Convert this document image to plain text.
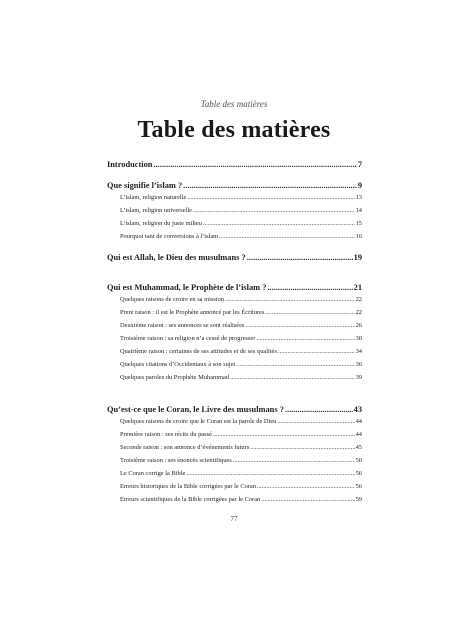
Table des matières
Table des matières
Introduction .....	7
Que signifie l’islam ? .....	9
L’islam, religion naturelle .....	13
L’islam, religion universelle .....	14
L’islam, religion du juste milieu .....	15
Pourquoi tant de conversions à l’islam .....	16
Qui est Allah, le Dieu des musulmans ? .....	19
Qui est Muhammad, le Prophète de l’islam ? .....	21
Quelques raisons de croire en sa mission .....	22
Prere raison : il est le Prophète annoncé par les Écritures .....	22
Deuxième raison : ses annonces se sont réalisées .....	26
Troisième raison : sa religion n’a cessé de progresser .....	30
Quatrième raison : certaines de ses attitudes et de ses qualités .....	34
Quelques citations d’Occidentaux à son sujet .....	36
Quelques paroles du Prophète Muhammad .....	39
Qu’est-ce que le Coran, le Livre des musulmans ? .....	43
Quelques raisons de croire que le Coran est la parole de Dieu .....	44
Première raison : ses récits du passé .....	44
Seconde raison : son annonce d’événements futurs .....	45
Troisième raison : ses énoncés scientifiques .....	50
Le Coran corrige la Bible .....	56
Erreurs historiques de la Bible corrigées par le Coran .....	56
Erreurs scientifiques de la Bible corrigées par le Coran .....	59
77
